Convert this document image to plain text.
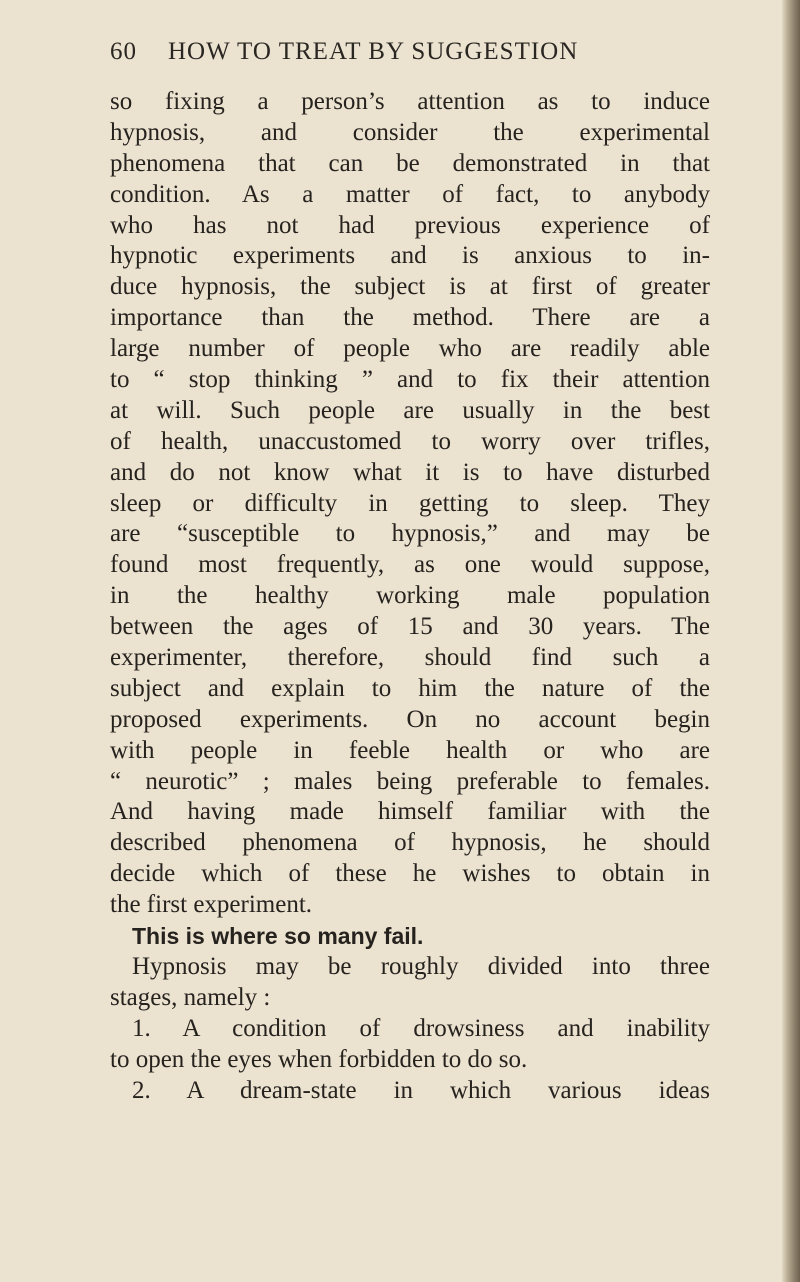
60 HOW TO TREAT BY SUGGESTION
so fixing a person’s attention as to induce
hypnosis, and consider the experimental
phenomena that can be demonstrated in that
condition. As a matter of fact, to anybody
who has not had previous experience of
hypnotic experiments and is anxious to in-
duce hypnosis, the subject is at first of greater
importance than the method. There are a
large number of people who are readily able
to “ stop thinking ” and to fix their attention
at will. Such people are usually in the best
of health, unaccustomed to worry over trifles,
and do not know what it is to have disturbed
sleep or difficulty in getting to sleep. They
are “susceptible to hypnosis,” and may be
found most frequently, as one would suppose,
in the healthy working male population
between the ages of 15 and 30 years. The
experimenter, therefore, should find such a
subject and explain to him the nature of the
proposed experiments. On no account begin
with people in feeble health or who are
“ neurotic” ; males being preferable to females.
And having made himself familiar with the
described phenomena of hypnosis, he should
decide which of these he wishes to obtain in
the first experiment.
This is where so many fail.
Hypnosis may be roughly divided into three
stages, namely :
1. A condition of drowsiness and inability
to open the eyes when forbidden to do so.
2. A dream-state in which various ideas
